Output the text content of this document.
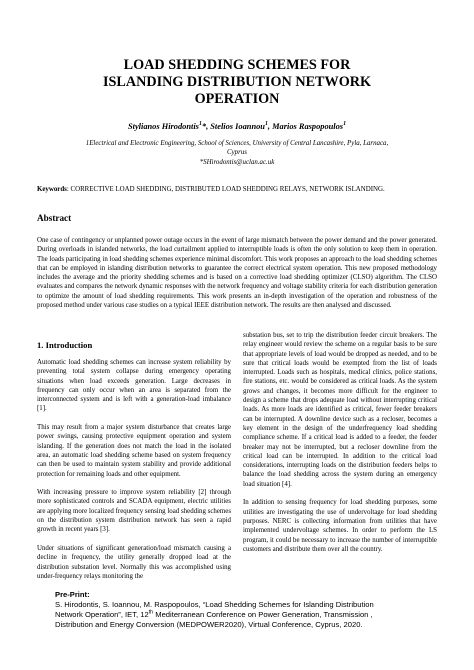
LOAD SHEDDING SCHEMES FOR
ISLANDING DISTRIBUTION NETWORK
OPERATION
Stylianos Hirodontis$^1$*, Stelios Ioannou$^1$, Marios Raspopoulos$^1$
1Electrical and Electronic Engineering, School of Sciences, University of Central Lancashire, Pyla, Larnaca,
Cyprus
*SHirodontis@uclan.ac.uk
Keywords: CORRECTIVE LOAD SHEDDING, DISTRIBUTED LOAD SHEDDING RELAYS, NETWORK ISLANDING.
Abstract
One case of contingency or unplanned power outage occurs in the event of large mismatch between the power demand and the power generated. During overloads in islanded networks, the load curtailment applied to interruptible loads is often the only solution to keep them in operation. The loads participating in load shedding schemes experience minimal discomfort. This work proposes an approach to the load shedding schemes that can be employed in islanding distribution networks to guarantee the correct electrical system operation. This new proposed methodology includes the average and the priority shedding schemes and is based on a corrective load shedding optimizer (CLSO) algorithm. The CLSO evaluates and compares the network dynamic responses with the network frequency and voltage stability criteria for each distribution generation to optimize the amount of load shedding requirements. This work presents an in-depth investigation of the operation and robustness of the proposed method under various case studies on a typical IEEE distribution network. The results are then analysed and discussed.
1. Introduction
Automatic load shedding schemes can increase system reliability by preventing total system collapse during emergency operating situations when load exceeds generation. Large decreases in frequency can only occur when an area is separated from the interconnected system and is left with a generation-load imbalance [1].
This may result from a major system disturbance that creates large power swings, causing protective equipment operation and system islanding. If the generation does not match the load in the isolated area, an automatic load shedding scheme based on system frequency can then be used to maintain system stability and provide additional protection for remaining loads and other equipment.
With increasing pressure to improve system reliability [2] through more sophisticated controls and SCADA equipment, electric utilities are applying more localized frequency sensing load shedding schemes on the distribution system distribution network has seen a rapid growth in recent years [3].
Under situations of significant generation/load mismatch causing a decline in frequency, the utility generally dropped load at the distribution substation level. Normally this was accomplished using under-frequency relays monitoring the
substation bus, set to trip the distribution feeder circuit breakers. The relay engineer would review the scheme on a regular basis to be sure that appropriate levels of load would be dropped as needed, and to be sure that critical loads would be exempted from the list of loads interrupted. Loads such as hospitals, medical clinics, police stations, fire stations, etc. would be considered as critical loads. As the system grows and changes, it becomes more difficult for the engineer to design a scheme that drops adequate load without interrupting critical loads. As more loads are identified as critical, fewer feeder breakers can be interrupted. A downline device such as a recloser, becomes a key element in the design of the underfrequency load shedding compliance scheme. If a critical load is added to a feeder, the feeder breaker may not be interrupted, but a recloser downline from the critical load can be interrupted. In addition to the critical load considerations, interrupting loads on the distribution feeders helps to balance the load shedding across the system during an emergency load situation [4].
In addition to sensing frequency for load shedding purposes, some utilities are investigating the use of undervoltage for load shedding purposes. NERC is collecting information from utilities that have implemented undervoltage schemes. In order to perform the LS program, it could be necessary to increase the number of interruptible customers and distribute them over all the country.
Pre-Print:
S. Hirodontis, S. Ioannou, M. Raspopoulos, “Load Shedding Schemes for Islanding Distribution
Network Operation”, IET, 12th Mediterranean Conference on Power Generation, Transmission ,
Distribution and Energy Conversion (MEDPOWER2020), Virtual Conference, Cyprus, 2020.
